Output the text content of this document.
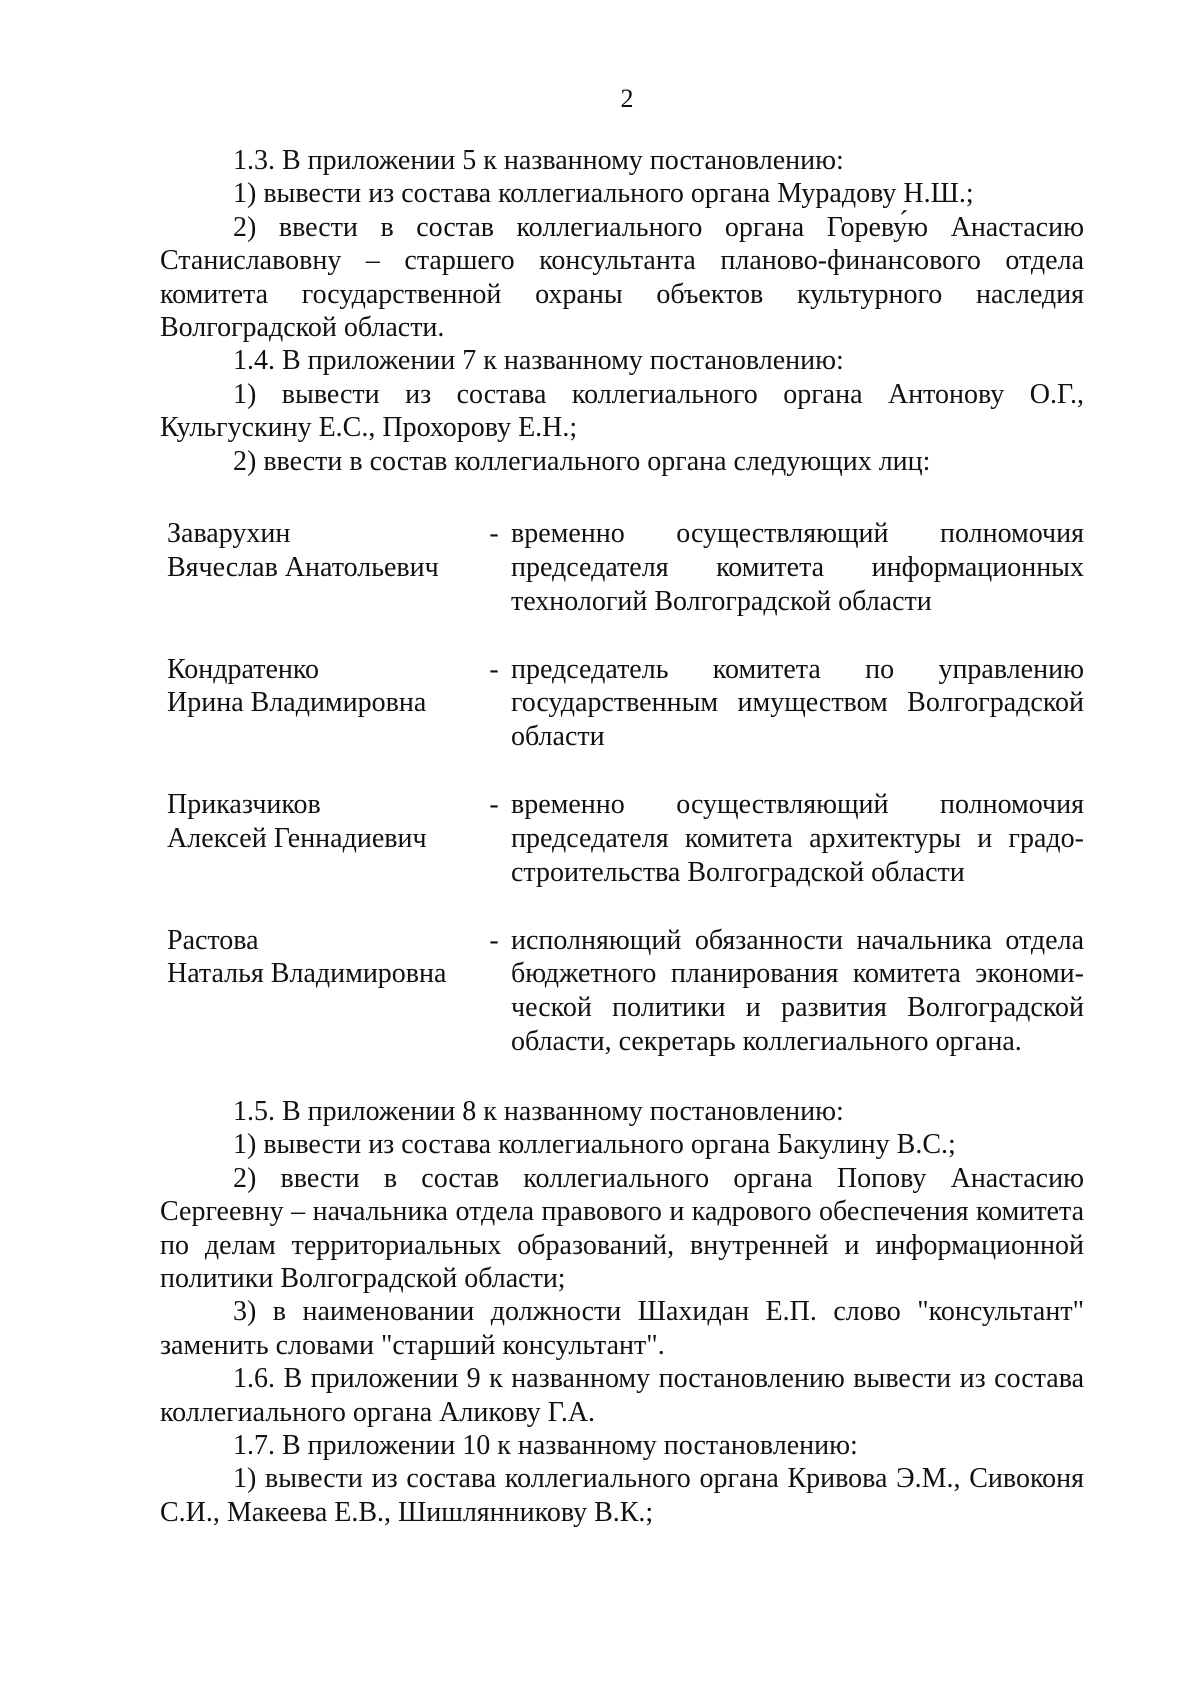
2

1.3. В приложении 5 к названному постановлению:

1) вывести из состава коллегиального органа Мурадову Н.Ш.;

2) ввести в состав коллегиального органа Гореву́ю Анастасию Станиславовну – старшего консультанта планово-финансового отдела комитета государственной охраны объектов культурного наследия Волгоградской области.

1.4. В приложении 7 к названному постановлению:

1) вывести из состава коллегиального органа Антонову О.Г., Кульгускину Е.С., Прохорову Е.Н.;

2) ввести в состав коллегиального органа следующих лиц:

Заварухин
Вячеслав Анатольевич
- временно осуществляющий полномочия председателя комитета информационных технологий Волгоградской области
Кондратенко
Ирина Владимировна
- председатель комитета по управлению государственным имуществом Волгоградской области
Приказчиков
Алексей Геннадиевич
- временно осуществляющий полномочия председателя комитета архитектуры и градостроительства Волгоградской области
Растова
Наталья Владимировна
- исполняющий обязанности начальника отдела бюджетного планирования комитета экономической политики и развития Волгоградской области, секретарь коллегиального органа.

1.5. В приложении 8 к названному постановлению:

1) вывести из состава коллегиального органа Бакулину В.С.;

2) ввести в состав коллегиального органа Попову Анастасию Сергеевну – начальника отдела правового и кадрового обеспечения комитета по делам территориальных образований, внутренней и информационной политики Волгоградской области;

3) в наименовании должности Шахидан Е.П. слово "консультант" заменить словами "старший консультант".

1.6. В приложении 9 к названному постановлению вывести из состава коллегиального органа Аликову Г.А.

1.7. В приложении 10 к названному постановлению:

1) вывести из состава коллегиального органа Кривова Э.М., Сивоконя С.И., Макеева Е.В., Шишлянникову В.К.;
